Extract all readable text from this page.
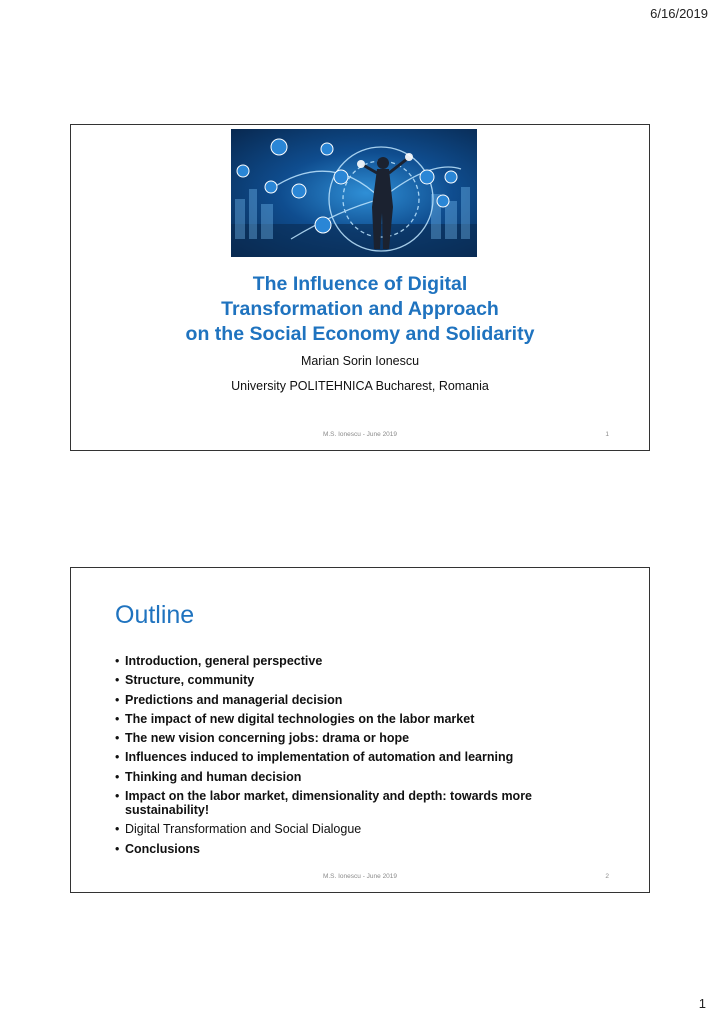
6/16/2019
The Influence of Digital
Transformation and Approach
on the Social Economy and Solidarity
Marian Sorin Ionescu
University POLITEHNICA Bucharest, Romania
M.S. Ionescu - June 2019	1
Outline
• Introduction, general perspective
• Structure, community
• Predictions and managerial decision
• The impact of new digital technologies on the labor market
• The new vision concerning jobs: drama or hope
• Influences induced to implementation of automation and learning
• Thinking and human decision
• Impact on the labor market, dimensionality and depth: towards more sustainability!
• Digital Transformation and Social Dialogue
• Conclusions
M.S. Ionescu - June 2019	2
1
